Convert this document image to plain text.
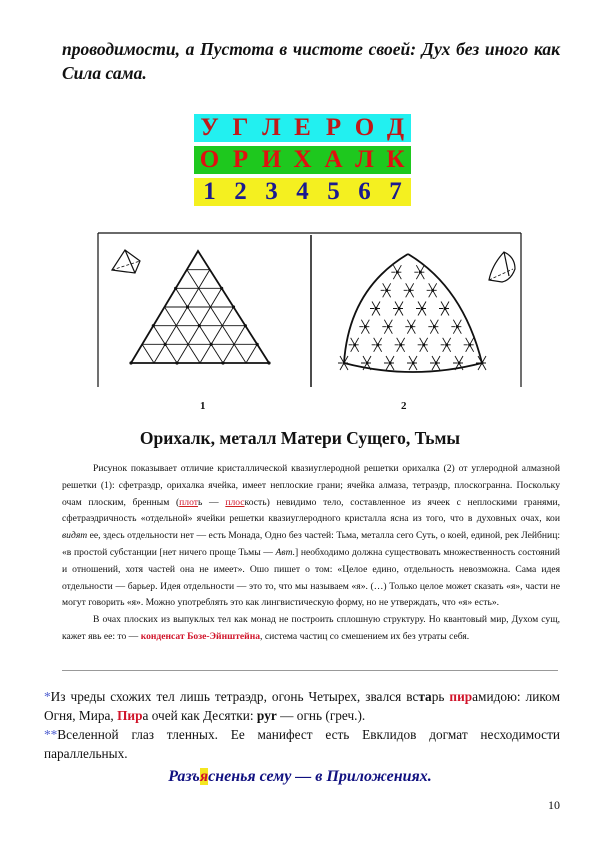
проводимости, а Пустота в чистоте своей: Дух без иного как Сила сама.
У	Г	Л	Е	Р	О	Д
О	Р	И	Х	А	Л	К
1	2	3	4	5	6	7
1	2
Орихалк, металл Матери Сущего, Тьмы

Рисунок показывает отличие кристаллической квазиуглеродной решетки орихалка (2) от углеродной алмазной решетки (1): сфетраэдр, орихалка ячейка, имеет неплоские грани; ячейка алмаза, тетраэдр, плоскогранна. Поскольку очам плоским, бренным (плоть — плоскость) невидимо тело, составленное из ячеек с неплоскими гранями, сфетраэдричность «отдельной» ячейки решетки квазиуглеродного кристалла ясна из того, что в духовных очах, кои видят ее, здесь отдельности нет — есть Монада, Одно без частей: Тьма, металла сего Суть, о коей, единой, рек Лейбниц: «в простой субстанции [нет ничего проще Тьмы — Авт.] необходимо должна существовать множественность состояний и отношений, хотя частей она не имеет». Ошо пишет о том: «Целое едино, отдельность невозможна. Сама идея отдельности — барьер. Идея отдельности — это то, что мы называем «я». (…) Только целое может сказать «я», части не могут говорить «я». Можно употреблять это как лингвистическую форму, но не утверждать, что «я» есть».

В очах плоских из выпуклых тел как монад не построить сплошную структуру. Но квантовый мир, Духом сущ, кажет явь ее: то — конденсат Бозе-Эйнштейна, система частиц со смешением их без утраты себя.

*Из чреды схожих тел лишь тетраэдр, огонь Четырех, звался встарь пирамидою: ликом Огня, Мира, Пира очей как Десятки: pyr — огнь (греч.).
**Вселенной глаз тленных. Ее манифест есть Евклидов догмат несходимости параллельных.
Разъясненья сему — в Приложениях.
10
